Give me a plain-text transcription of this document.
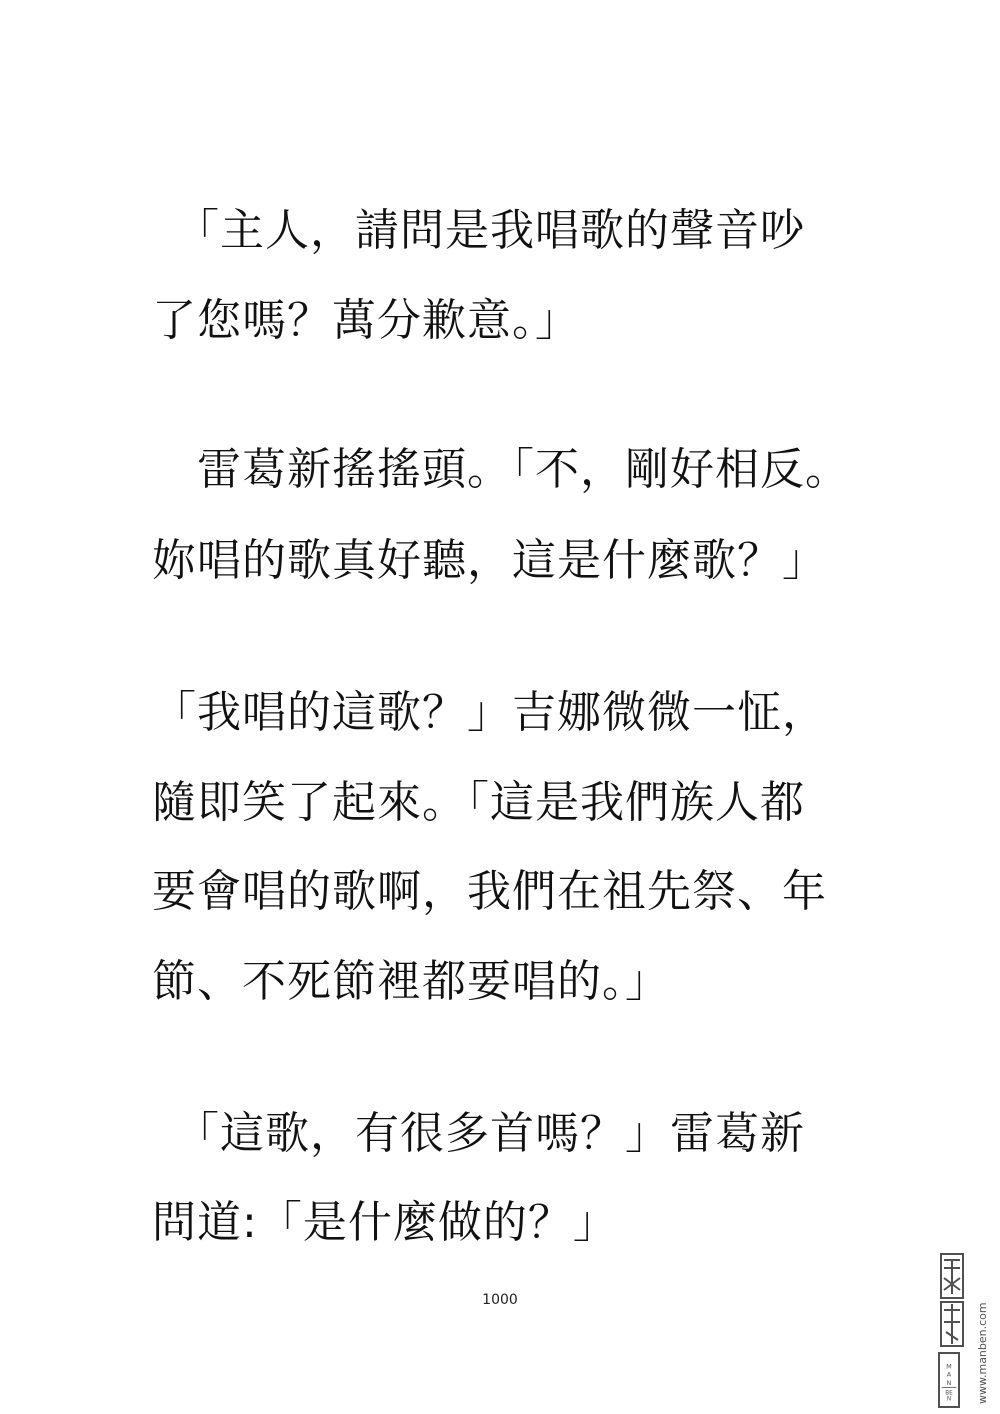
　「主人，請問是我唱歌的聲音吵
了您嗎？萬分歉意。」
　雷葛新搖搖頭。「不，剛好相反。
妳唱的歌真好聽，這是什麼歌？」
「我唱的這歌？」吉娜微微一怔，
隨即笑了起來。「這是我們族人都
要會唱的歌啊，我們在祖先祭、年
節、不死節裡都要唱的。」
　「這歌，有很多首嗎？」雷葛新
問道:「是什麼做的？」
1000
M
A
N
BE
N www.manben.com
